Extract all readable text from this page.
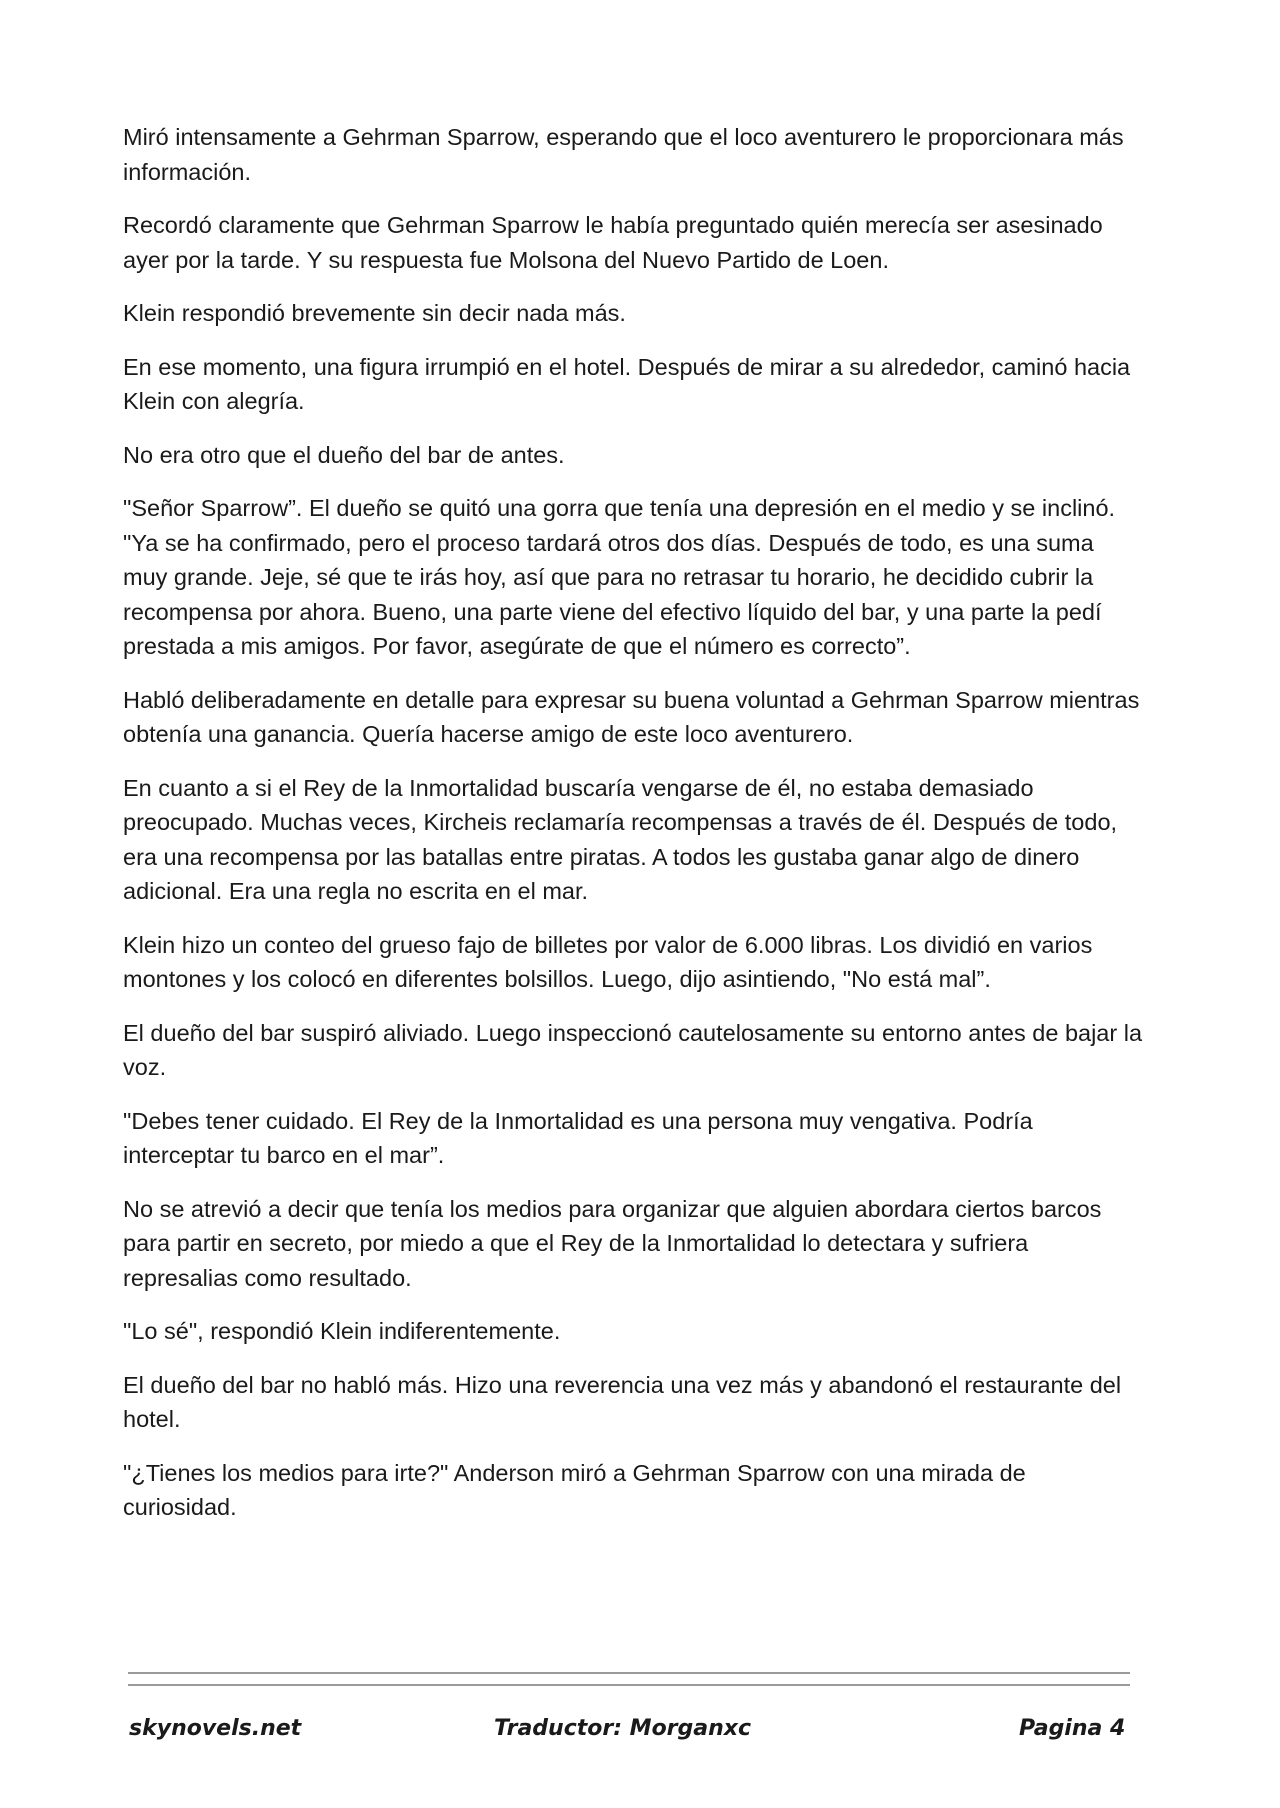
Miró intensamente a Gehrman Sparrow, esperando que el loco aventurero le proporcionara más información.

Recordó claramente que Gehrman Sparrow le había preguntado quién merecía ser asesinado ayer por la tarde. Y su respuesta fue Molsona del Nuevo Partido de Loen.

Klein respondió brevemente sin decir nada más.

En ese momento, una figura irrumpió en el hotel. Después de mirar a su alrededor, caminó hacia Klein con alegría.

No era otro que el dueño del bar de antes.

"Señor Sparrow”. El dueño se quitó una gorra que tenía una depresión en el medio y se inclinó. "Ya se ha confirmado, pero el proceso tardará otros dos días. Después de todo, es una suma muy grande. Jeje, sé que te irás hoy, así que para no retrasar tu horario, he decidido cubrir la recompensa por ahora. Bueno, una parte viene del efectivo líquido del bar, y una parte la pedí prestada a mis amigos. Por favor, asegúrate de que el número es correcto”.

Habló deliberadamente en detalle para expresar su buena voluntad a Gehrman Sparrow mientras obtenía una ganancia. Quería hacerse amigo de este loco aventurero.

En cuanto a si el Rey de la Inmortalidad buscaría vengarse de él, no estaba demasiado preocupado. Muchas veces, Kircheis reclamaría recompensas a través de él. Después de todo, era una recompensa por las batallas entre piratas. A todos les gustaba ganar algo de dinero adicional. Era una regla no escrita en el mar.

Klein hizo un conteo del grueso fajo de billetes por valor de 6.000 libras. Los dividió en varios montones y los colocó en diferentes bolsillos. Luego, dijo asintiendo, "No está mal”.

El dueño del bar suspiró aliviado. Luego inspeccionó cautelosamente su entorno antes de bajar la voz.

"Debes tener cuidado. El Rey de la Inmortalidad es una persona muy vengativa. Podría interceptar tu barco en el mar”.

No se atrevió a decir que tenía los medios para organizar que alguien abordara ciertos barcos para partir en secreto, por miedo a que el Rey de la Inmortalidad lo detectara y sufriera represalias como resultado.

"Lo sé", respondió Klein indiferentemente.

El dueño del bar no habló más. Hizo una reverencia una vez más y abandonó el restaurante del hotel.

"¿Tienes los medios para irte?" Anderson miró a Gehrman Sparrow con una mirada de curiosidad.

skynovels.net	Traductor: Morganxc	Pagina 4
